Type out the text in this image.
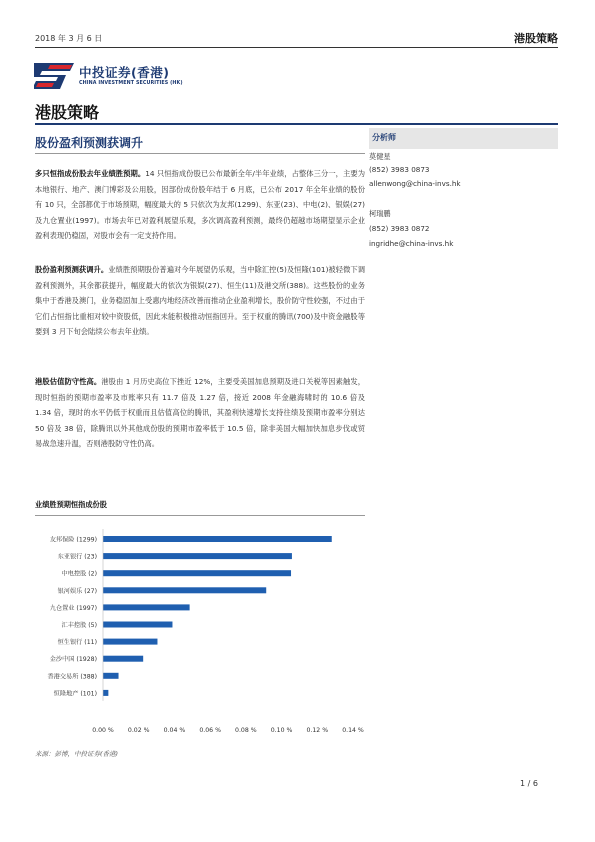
2018 年 3 月 6 日	港股策略
中投证券(香港)
CHINA INVESTMENT SECURITIES (HK)
港股策略
股份盈利预测获调升	分析师
莫健星
(852) 3983 0873
allenwong@china-invs.hk
柯瑞鹏
(852) 3983 0872
ingridhe@china-invs.hk
多只恒指成份股去年业绩胜预期。14 只恒指成份股已公布最新全年/半年业绩，占整体三分一，主要为本地银行、地产、澳门博彩及公用股，因部份成份股年结于 6 月底，已公布 2017 年全年业绩的股份有 10 只，全部都优于市场预期，幅度最大的 5 只依次为友邦(1299)、东亚(23)、中电(2)、银娱(27)及九仓置业(1997)。市场去年已对盈利展望乐观，多次调高盈利预测，最终仍超越市场期望显示企业盈利表现仍稳固，对股市会有一定支持作用。
股份盈利预测获调升。业绩胜预期股份普遍对今年展望仍乐观，当中除汇控(5)及恒隆(101)被轻微下调盈利预测外，其余都获提升，幅度最大的依次为银娱(27)、恒生(11)及港交所(388)。这些股份的业务集中于香港及澳门，业务稳固加上受惠内地经济改善而推动企业盈利增长，股价防守性较强，不过由于它们占恒指比重相对较中资股低，因此未能积极推动恒指回升。至于权重的腾讯(700)及中资金融股等要到 3 月下旬会陆续公布去年业绩。
港股估值防守性高。港股由 1 月历史高位下挫近 12%，主要受美国加息预期及进口关税等因素触发，现时恒指的预期市盈率及市账率只有 11.7 倍及 1.27 倍，接近 2008 年金融海啸时的 10.6 倍及 1.34 倍，现时的水平仍低于权重而且估值高位的腾讯，其盈利快速增长支持往绩及预期市盈率分别达 50 倍及 38 倍，除腾讯以外其他成份股的预期市盈率低于 10.5 倍，除非美国大幅加快加息步伐或贸易战急速升温，否则港股防守性仍高。
业绩胜预期恒指成份股
友邦保险 (1299)
东亚银行 (23)
中电控股 (2)
银河娱乐 (27)
九仓置业 (1997)
汇丰控股 (5)
恒生银行 (11)
金沙中国 (1928)
香港交易所 (388)
恒隆地产 (101)
0.00 % 0.02 % 0.04 % 0.06 % 0.08 % 0.10 % 0.12 % 0.14 %
来源：彭博，中投证券(香港)
1 / 6
